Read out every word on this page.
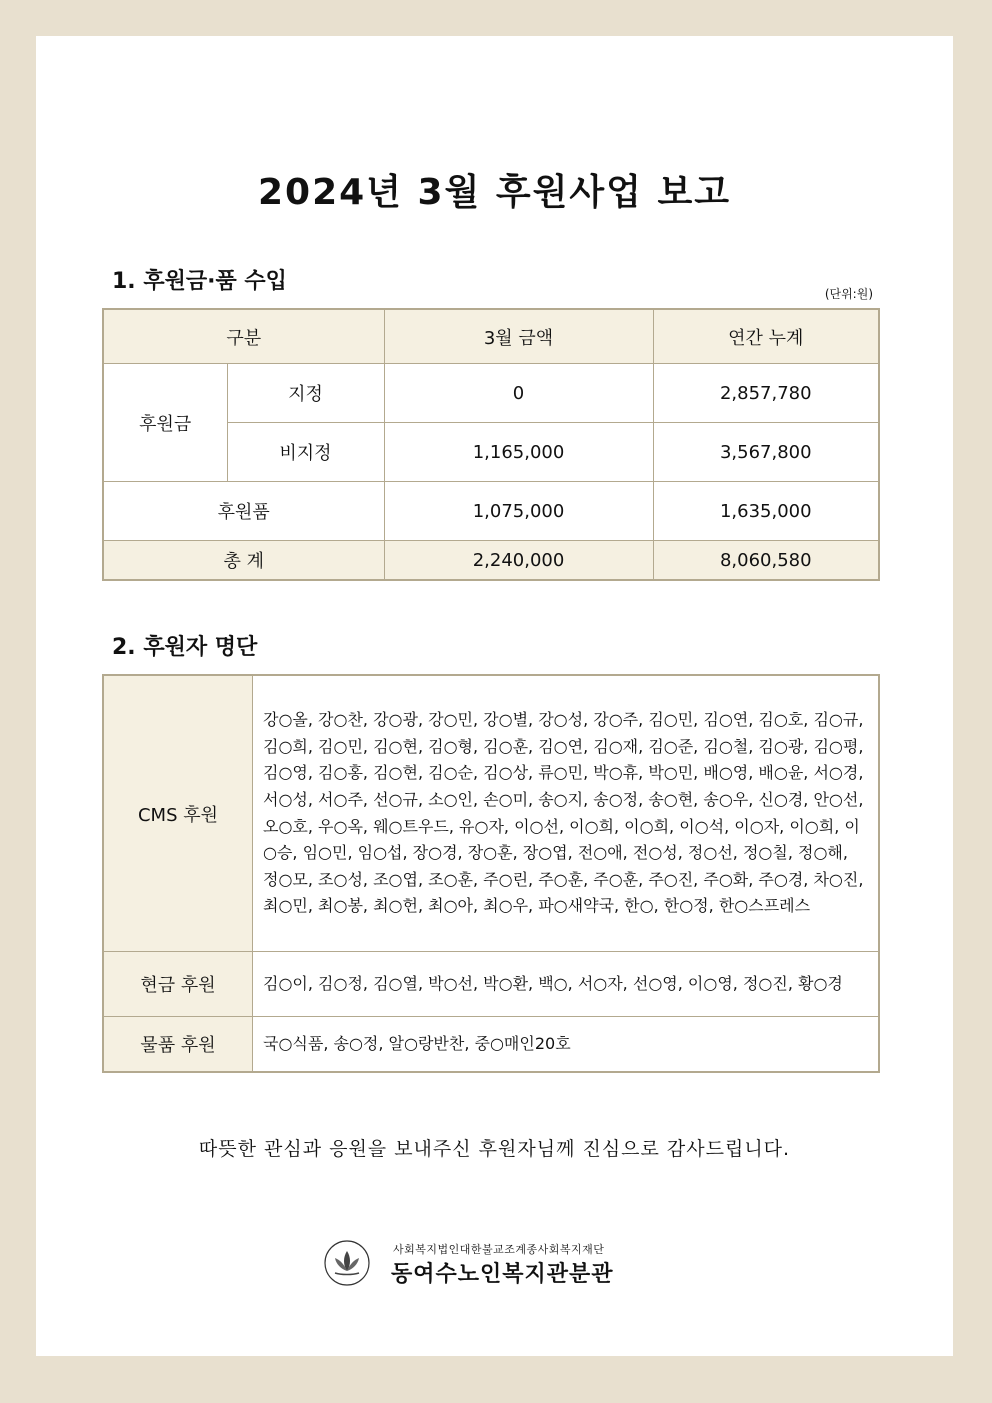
2024년 3월 후원사업 보고
1. 후원금·품 수입	(단위:원)
구분		3월 금액	연간 누계
후원금	지정	0	2,857,780
	비지정	1,165,000	3,567,800
후원품		1,075,000	1,635,000
총 계		2,240,000	8,060,580
2. 후원자 명단
CMS 후원	강○올, 강○찬, 강○광, 강○민, 강○별, 강○성, 강○주, 김○민, 김○연, 김○호, 김○규, 김○희, 김○민, 김○현, 김○형, 김○훈, 김○연, 김○재, 김○준, 김○철, 김○광, 김○평, 김○영, 김○홍, 김○현, 김○순, 김○상, 류○민, 박○휴, 박○민, 배○영, 배○윤, 서○경, 서○성, 서○주, 선○규, 소○인, 손○미, 송○지, 송○정, 송○현, 송○우, 신○경, 안○선, 오○호, 우○옥, 웨○트우드, 유○자, 이○선, 이○희, 이○희, 이○석, 이○자, 이○희, 이○승, 임○민, 임○섭, 장○경, 장○훈, 장○엽, 전○애, 전○성, 정○선, 정○칠, 정○해, 정○모, 조○성, 조○엽, 조○훈, 주○린, 주○훈, 주○훈, 주○진, 주○화, 주○경, 차○진, 최○민, 최○봉, 최○헌, 최○아, 최○우, 파○새약국, 한○, 한○정, 한○스프레스
현금 후원	김○이, 김○정, 김○열, 박○선, 박○환, 백○, 서○자, 선○영, 이○영, 정○진, 황○경
물품 후원	국○식품, 송○정, 알○랑반찬, 중○매인20호
따뜻한 관심과 응원을 보내주신 후원자님께 진심으로 감사드립니다.
사회복지법인대한불교조계종사회복지재단
동여수노인복지관분관
